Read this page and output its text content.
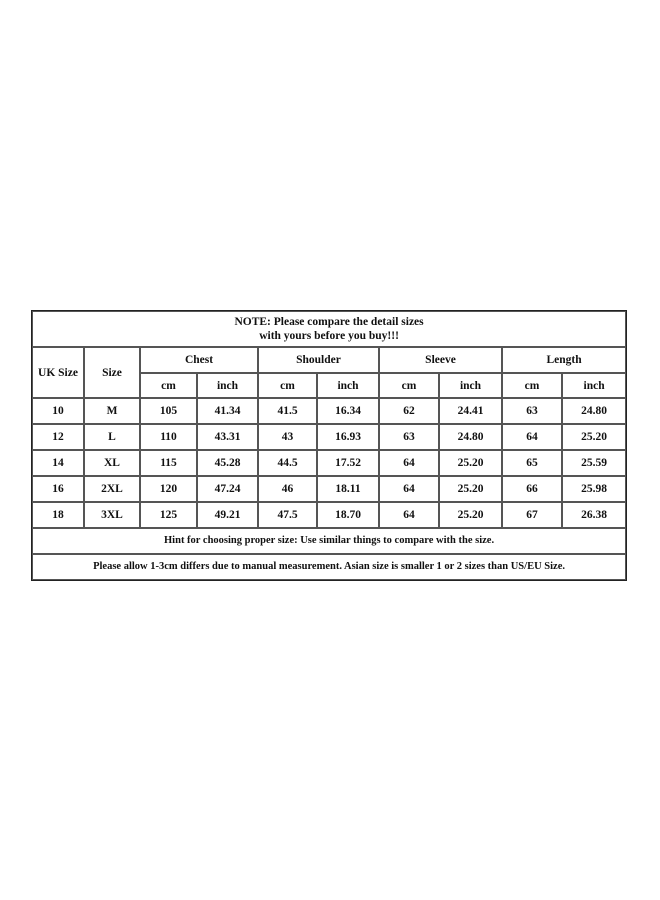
NOTE: Please compare the detail sizes
with yours before you buy!!!									

UK Size	Size	Chest		Shoulder		Sleeve		Length	
		cm	inch	cm	inch	cm	inch	cm	inch
10	M	105	41.34	41.5	16.34	62	24.41	63	24.80
12	L	110	43.31	43	16.93	63	24.80	64	25.20
14	XL	115	45.28	44.5	17.52	64	25.20	65	25.59
16	2XL	120	47.24	46	18.11	64	25.20	66	25.98
18	3XL	125	49.21	47.5	18.70	64	25.20	67	26.38
Hint for choosing proper size: Use similar things to compare with the size.									
Please allow 1-3cm differs due to manual measurement. Asian size is smaller 1 or 2 sizes than US/EU Size.									
